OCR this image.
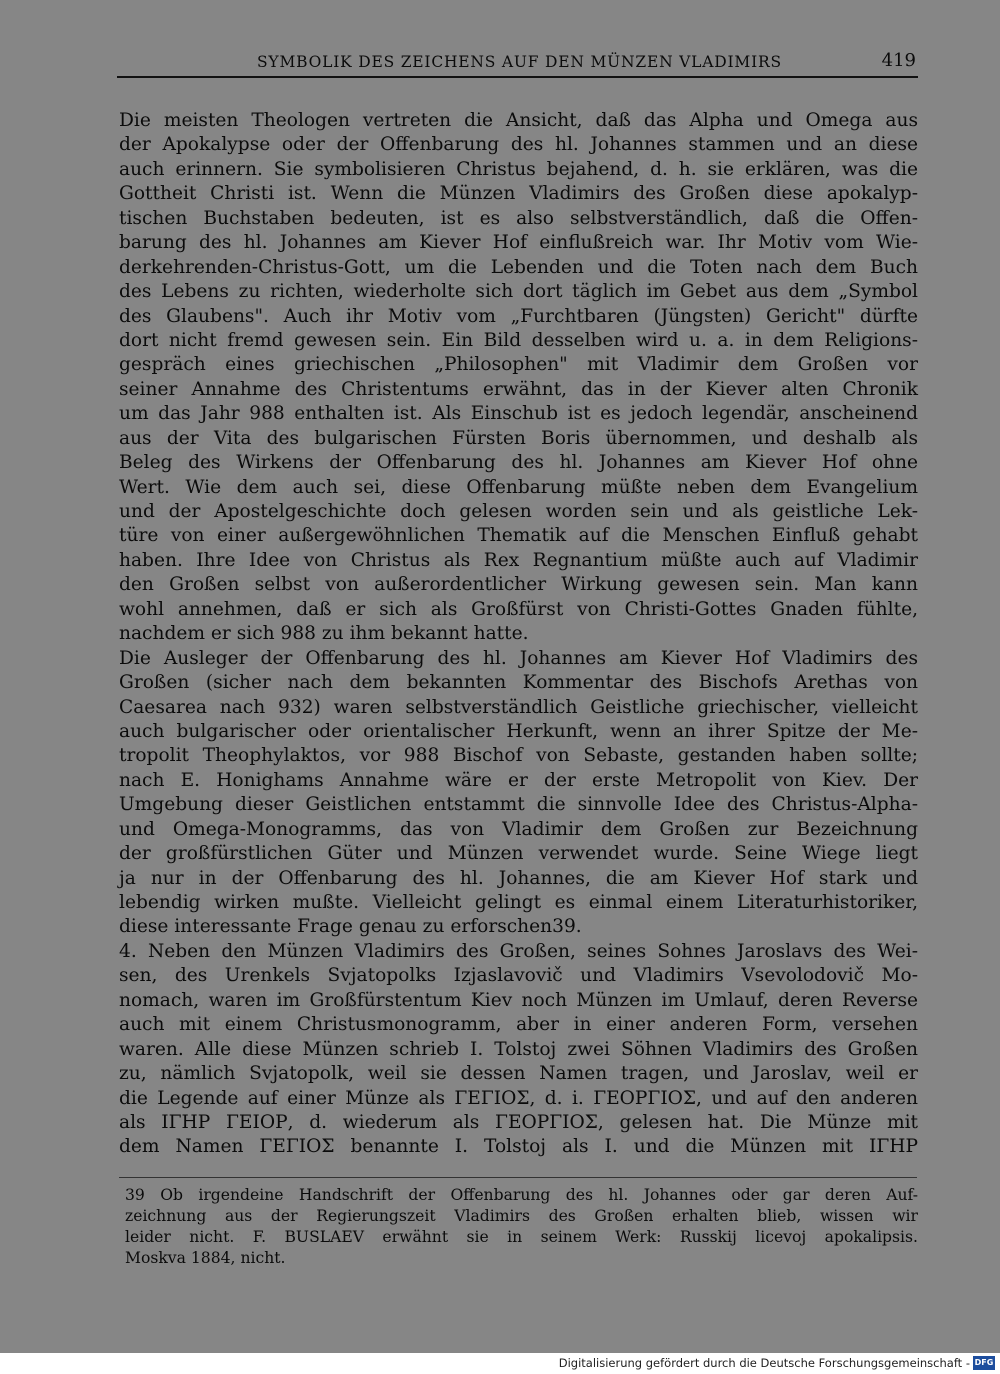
SYMBOLIK DES ZEICHENS AUF DEN MÜNZEN VLADIMIRS	419
Die meisten Theologen vertreten die Ansicht, daß das Alpha und Omega aus
der Apokalypse oder der Offenbarung des hl. Johannes stammen und an diese
auch erinnern. Sie symbolisieren Christus bejahend, d. h. sie erklären, was die
Gottheit Christi ist. Wenn die Münzen Vladimirs des Großen diese apokalyp-
tischen Buchstaben bedeuten, ist es also selbstverständlich, daß die Offen-
barung des hl. Johannes am Kiever Hof einflußreich war. Ihr Motiv vom Wie-
derkehrenden-Christus-Gott, um die Lebenden und die Toten nach dem Buch
des Lebens zu richten, wiederholte sich dort täglich im Gebet aus dem „Symbol
des Glaubens". Auch ihr Motiv vom „Furchtbaren (Jüngsten) Gericht" dürfte
dort nicht fremd gewesen sein. Ein Bild desselben wird u. a. in dem Religions-
gespräch eines griechischen „Philosophen" mit Vladimir dem Großen vor
seiner Annahme des Christentums erwähnt, das in der Kiever alten Chronik
um das Jahr 988 enthalten ist. Als Einschub ist es jedoch legendär, anscheinend
aus der Vita des bulgarischen Fürsten Boris übernommen, und deshalb als
Beleg des Wirkens der Offenbarung des hl. Johannes am Kiever Hof ohne
Wert. Wie dem auch sei, diese Offenbarung müßte neben dem Evangelium
und der Apostelgeschichte doch gelesen worden sein und als geistliche Lek-
türe von einer außergewöhnlichen Thematik auf die Menschen Einfluß gehabt
haben. Ihre Idee von Christus als Rex Regnantium müßte auch auf Vladimir
den Großen selbst von außerordentlicher Wirkung gewesen sein. Man kann
wohl annehmen, daß er sich als Großfürst von Christi-Gottes Gnaden fühlte,
nachdem er sich 988 zu ihm bekannt hatte.
Die Ausleger der Offenbarung des hl. Johannes am Kiever Hof Vladimirs des
Großen (sicher nach dem bekannten Kommentar des Bischofs Arethas von
Caesarea nach 932) waren selbstverständlich Geistliche griechischer, vielleicht
auch bulgarischer oder orientalischer Herkunft, wenn an ihrer Spitze der Me-
tropolit Theophylaktos, vor 988 Bischof von Sebaste, gestanden haben sollte;
nach E. Honighams Annahme wäre er der erste Metropolit von Kiev. Der
Umgebung dieser Geistlichen entstammt die sinnvolle Idee des Christus-Alpha-
und Omega-Monogramms, das von Vladimir dem Großen zur Bezeichnung
der großfürstlichen Güter und Münzen verwendet wurde. Seine Wiege liegt
ja nur in der Offenbarung des hl. Johannes, die am Kiever Hof stark und
lebendig wirken mußte. Vielleicht gelingt es einmal einem Literaturhistoriker,
diese interessante Frage genau zu erforschen39.
4. Neben den Münzen Vladimirs des Großen, seines Sohnes Jaroslavs des Wei-
sen, des Urenkels Svjatopolks Izjaslavovič und Vladimirs Vsevolodovič Mo-
nomach, waren im Großfürstentum Kiev noch Münzen im Umlauf, deren Reverse
auch mit einem Christusmonogramm, aber in einer anderen Form, versehen
waren. Alle diese Münzen schrieb I. Tolstoj zwei Söhnen Vladimirs des Großen
zu, nämlich Svjatopolk, weil sie dessen Namen tragen, und Jaroslav, weil er
die Legende auf einer Münze als ΓΕΓΙΟΣ, d. i. ΓΕΟΡΓΙΟΣ, und auf den anderen
als ΙΓΗΡ ΓΕΙΟΡ, d. wiederum als ΓΕΟΡΓΙΟΣ, gelesen hat. Die Münze mit
dem Namen ΓΕΓΙΟΣ benannte I. Tolstoj als I. und die Münzen mit ΙΓΗΡ
39 Ob irgendeine Handschrift der Offenbarung des hl. Johannes oder gar deren Auf-
zeichnung aus der Regierungszeit Vladimirs des Großen erhalten blieb, wissen wir
leider nicht. F. BUSLAEV erwähnt sie in seinem Werk: Russkij licevoj apokalipsis.
Moskva 1884, nicht.
Digitalisierung gefördert durch die Deutsche Forschungsgemeinschaft - DFG
